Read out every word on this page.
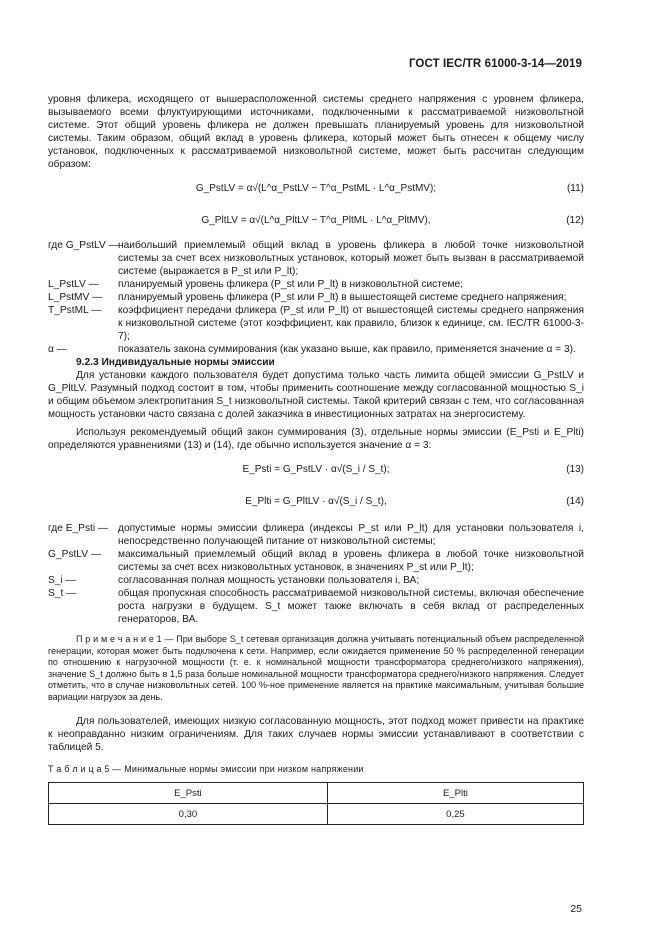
ГОСТ IEC/TR 61000-3-14—2019

уровня фликера, исходящего от вышерасположенной системы среднего напряжения с уровнем фликера, вызываемого всеми флуктуирующими источниками, подключенными к рассматриваемой низковольтной системе. Этот общий уровень фликера не должен превышать планируемый уровень для низковольтной системы. Таким образом, общий вклад в уровень фликера, который может быть отнесен к общему числу установок, подключенных к рассматриваемой низковольтной системе, может быть рассчитан следующим образом:

G_PstLV = α√(L^α_PstLV − T^α_PstML · L^α_PstMV);	(11)
G_PltLV = α√(L^α_PltLV − T^α_PltML · L^α_PltMV),	(12)
где G_PstLV — наибольший приемлемый общий вклад в уровень фликера в любой точке низковольтной системы за счет всех низковольтных установок, который может быть вызван в рассматриваемой системе (выражается в P_st или P_lt);
L_PstLV —	планируемый уровень фликера (P_st или P_lt) в низковольтной системе;
L_PstMV —	планируемый уровень фликера (P_st или P_lt) в вышестоящей системе среднего напряжения;
T_PstML —	коэффициент передачи фликера (P_st или P_lt) от вышестоящей системы среднего напряжения к низковольтной системе (этот коэффициент, как правило, близок к единице, см. IEC/TR 61000-3-7);
α —	показатель закона суммирования (как указано выше, как правило, применяется значение α = 3).

9.2.3 Индивидуальные нормы эмиссии

Для установки каждого пользователя будет допустима только часть лимита общей эмиссии G_PstLV и G_PltLV. Разумный подход состоит в том, чтобы применить соотношение между согласованной мощностью S_i и общим объемом электропитания S_t низковольтной системы. Такой критерий связан с тем, что согласованная мощность установки часто связана с долей заказчика в инвестиционных затратах на энергосистему.

Используя рекомендуемый общий закон суммирования (3), отдельные нормы эмиссии (E_Psti и E_Plti) определяются уравнениями (13) и (14), где обычно используется значение α = 3:

E_Psti = G_PstLV · α√(S_i / S_t);	(13)
E_Plti = G_PltLV · α√(S_i / S_t),	(14)
где E_Psti — допустимые нормы эмиссии фликера (индексы P_st или P_lt) для установки пользователя i, непосредственно получающей питание от низковольтной системы;
G_PstLV —	максимальный приемлемый общий вклад в уровень фликера в любой точке низковольтной системы за счет всех низковольтных установок, в значениях P_st или P_lt);
S_i —	согласованная полная мощность установки пользователя i, ВА;
S_t —	общая пропускная способность рассматриваемой низковольтной системы, включая обеспечение роста нагрузки в будущем. S_t может также включать в себя вклад от распределенных генераторов, ВА.

П р и м е ч а н и е 1 — При выборе S_t сетевая организация должна учитывать потенциальный объем распределенной генерации, которая может быть подключена к сети. Например, если ожидается применение 50 % распределенной генерации по отношению к нагрузочной мощности (т. е. к номинальной мощности трансформатора среднего/низкого напряжения), значение S_t должно быть в 1,5 раза больше номинальной мощности трансформатора среднего/низкого напряжения. Следует отметить, что в случае низковольтных сетей. 100 %-ное применение является на практике максимальным, учитывая большие вариации нагрузок за день.

Для пользователей, имеющих низкую согласованную мощность, этот подход может привести на практике к неоправданно низким ограничениям. Для таких случаев нормы эмиссии устанавливают в соответствии с таблицей 5.

Т а б л и ц а 5 — Минимальные нормы эмиссии при низком напряжении

E_Psti	E_Plti
0,30	0,25
25
